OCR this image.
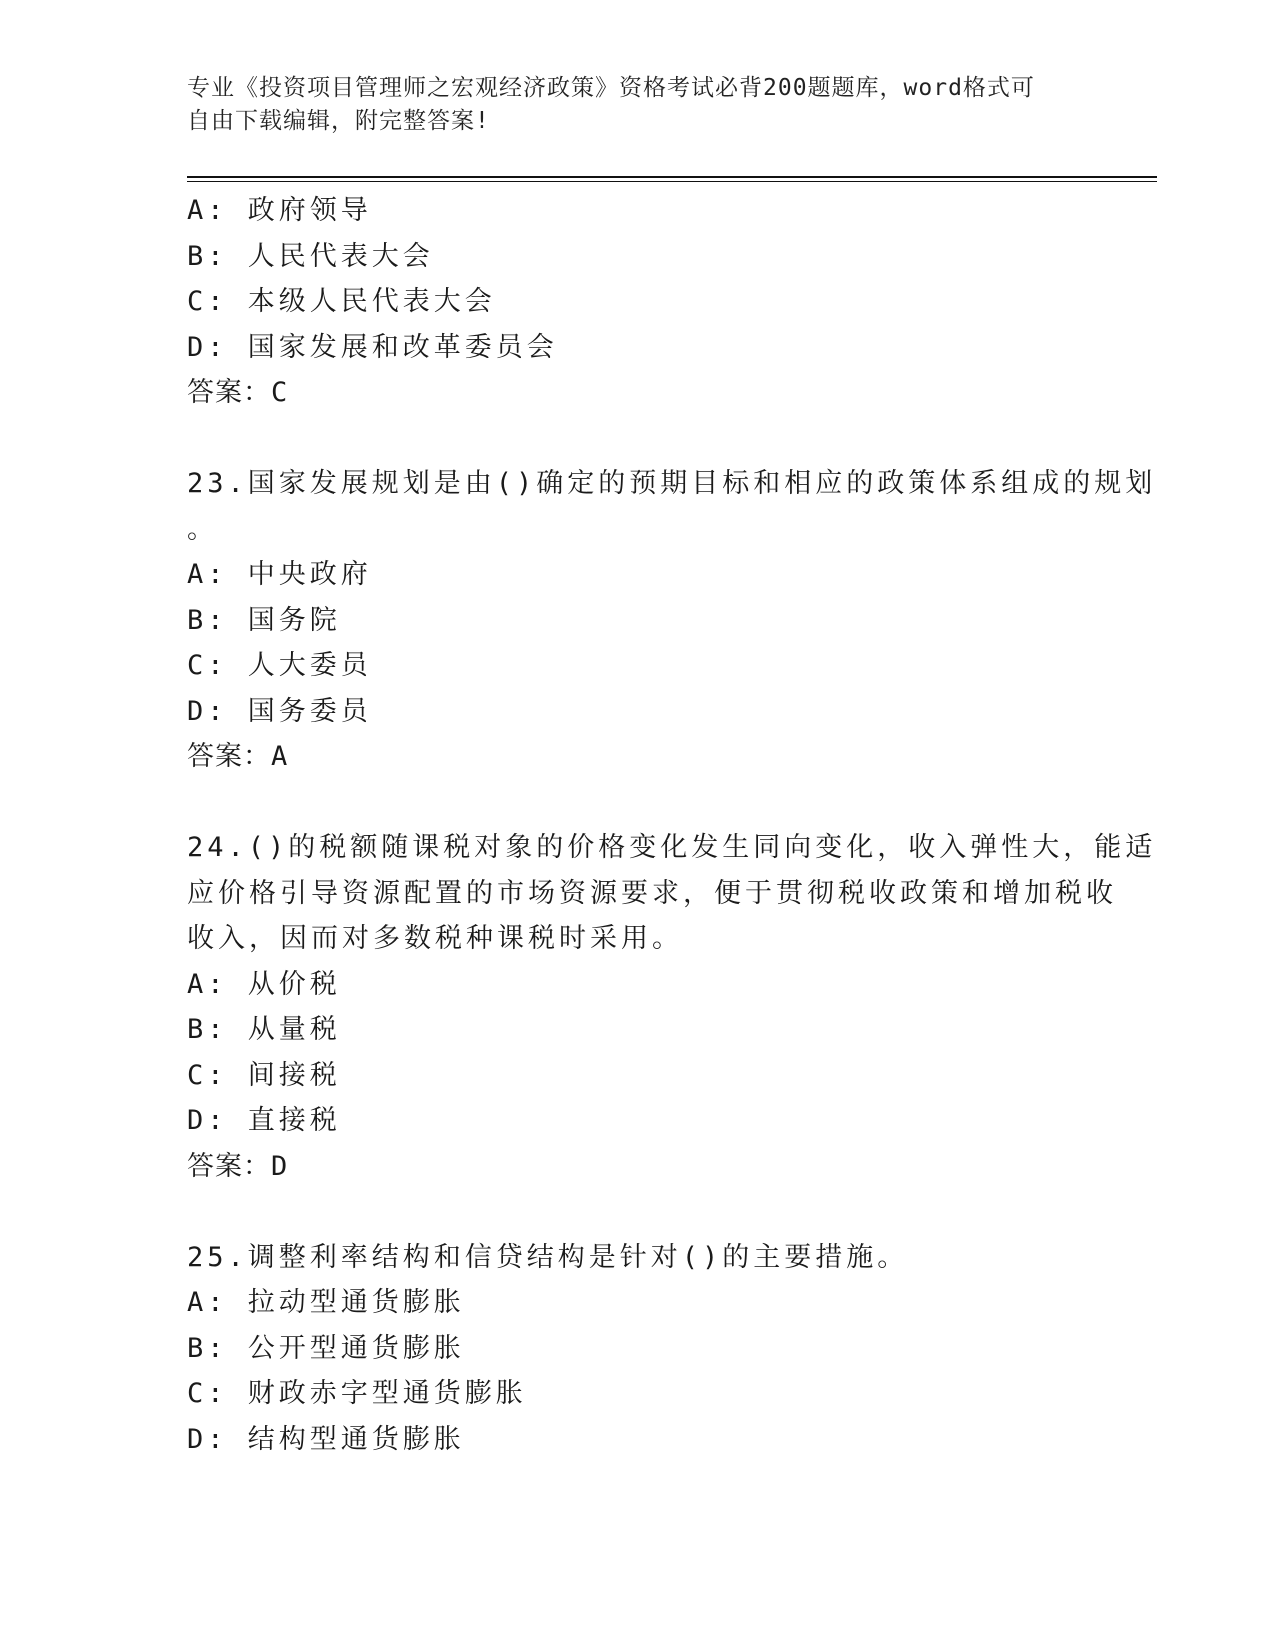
专业《投资项目管理师之宏观经济政策》资格考试必背200题题库，word格式可
自由下载编辑，附完整答案!
A: 政府领导
B: 人民代表大会
C: 本级人民代表大会
D: 国家发展和改革委员会
答案：C
23.国家发展规划是由()确定的预期目标和相应的政策体系组成的规划
。
A: 中央政府
B: 国务院
C: 人大委员
D: 国务委员
答案：A
24.()的税额随课税对象的价格变化发生同向变化，收入弹性大，能适
应价格引导资源配置的市场资源要求，便于贯彻税收政策和增加税收
收入，因而对多数税种课税时采用。
A: 从价税
B: 从量税
C: 间接税
D: 直接税
答案：D
25.调整利率结构和信贷结构是针对()的主要措施。
A: 拉动型通货膨胀
B: 公开型通货膨胀
C: 财政赤字型通货膨胀
D: 结构型通货膨胀
